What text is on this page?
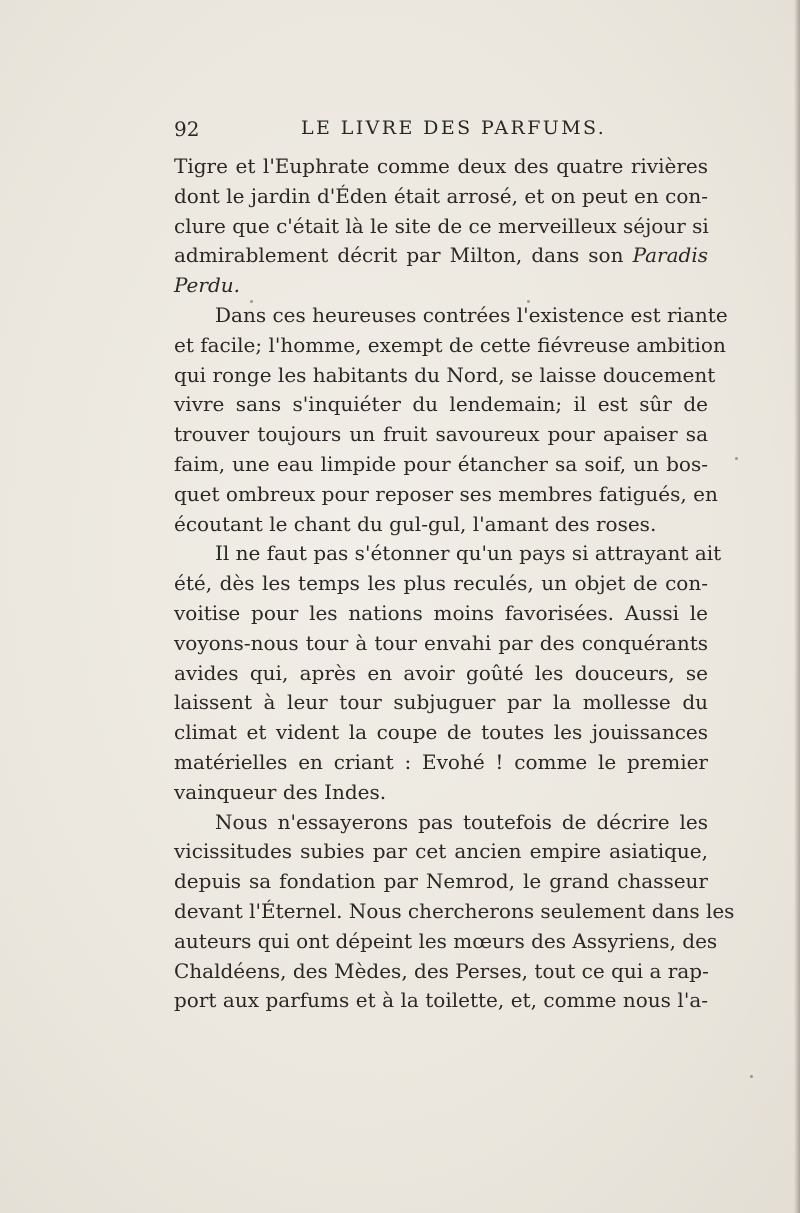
92	LE LIVRE DES PARFUMS.
Tigre et l'Euphrate comme deux des quatre rivières
dont le jardin d'Éden était arrosé, et on peut en con-
clure que c'était là le site de ce merveilleux séjour si
admirablement décrit par Milton, dans son Paradis
Perdu.
Dans ces heureuses contrées l'existence est riante
et facile; l'homme, exempt de cette fiévreuse ambition
qui ronge les habitants du Nord, se laisse doucement
vivre sans s'inquiéter du lendemain; il est sûr de
trouver toujours un fruit savoureux pour apaiser sa
faim, une eau limpide pour étancher sa soif, un bos-
quet ombreux pour reposer ses membres fatigués, en
écoutant le chant du gul-gul, l'amant des roses.
Il ne faut pas s'étonner qu'un pays si attrayant ait
été, dès les temps les plus reculés, un objet de con-
voitise pour les nations moins favorisées. Aussi le
voyons-nous tour à tour envahi par des conquérants
avides qui, après en avoir goûté les douceurs, se
laissent à leur tour subjuguer par la mollesse du
climat et vident la coupe de toutes les jouissances
matérielles en criant : Evohé ! comme le premier
vainqueur des Indes.
Nous n'essayerons pas toutefois de décrire les
vicissitudes subies par cet ancien empire asiatique,
depuis sa fondation par Nemrod, le grand chasseur
devant l'Éternel. Nous chercherons seulement dans les
auteurs qui ont dépeint les mœurs des Assyriens, des
Chaldéens, des Mèdes, des Perses, tout ce qui a rap-
port aux parfums et à la toilette, et, comme nous l'a-
